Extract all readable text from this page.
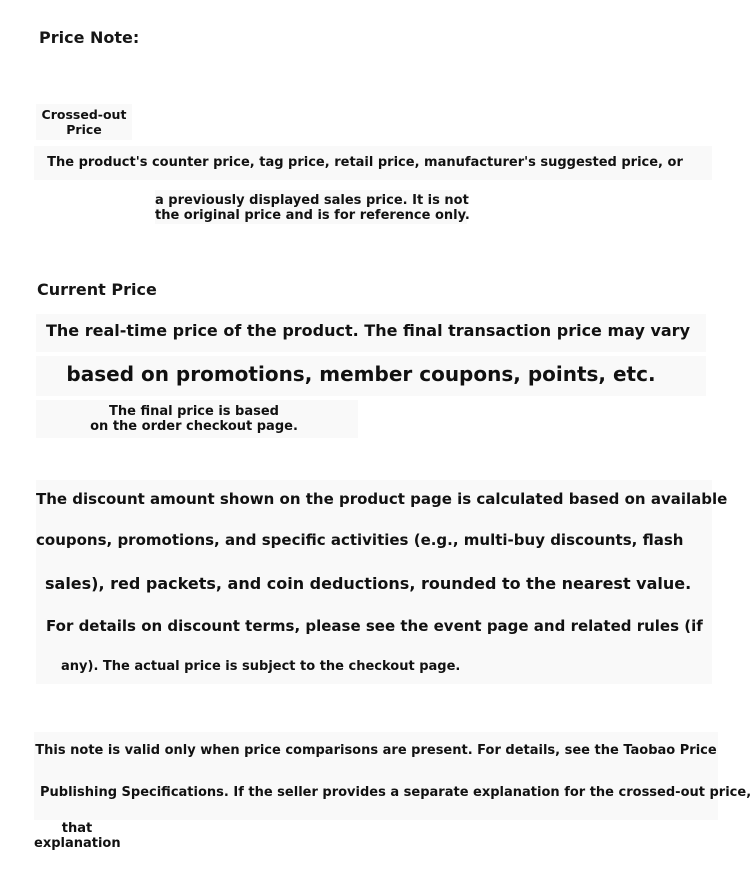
Price Note:
Crossed-out
Price
The product's counter price, tag price, retail price, manufacturer's suggested price, or
a previously displayed sales price. It is not
the original price and is for reference only.
Current Price
The real-time price of the product. The final transaction price may vary
based on promotions, member coupons, points, etc.
The final price is based
on the order checkout page.
The discount amount shown on the product page is calculated based on available
coupons, promotions, and specific activities (e.g., multi-buy discounts, flash
sales), red packets, and coin deductions, rounded to the nearest value.
For details on discount terms, please see the event page and related rules (if
any). The actual price is subject to the checkout page.
This note is valid only when price comparisons are present. For details, see the Taobao Price
Publishing Specifications. If the seller provides a separate explanation for the crossed-out price,
that
explanation
